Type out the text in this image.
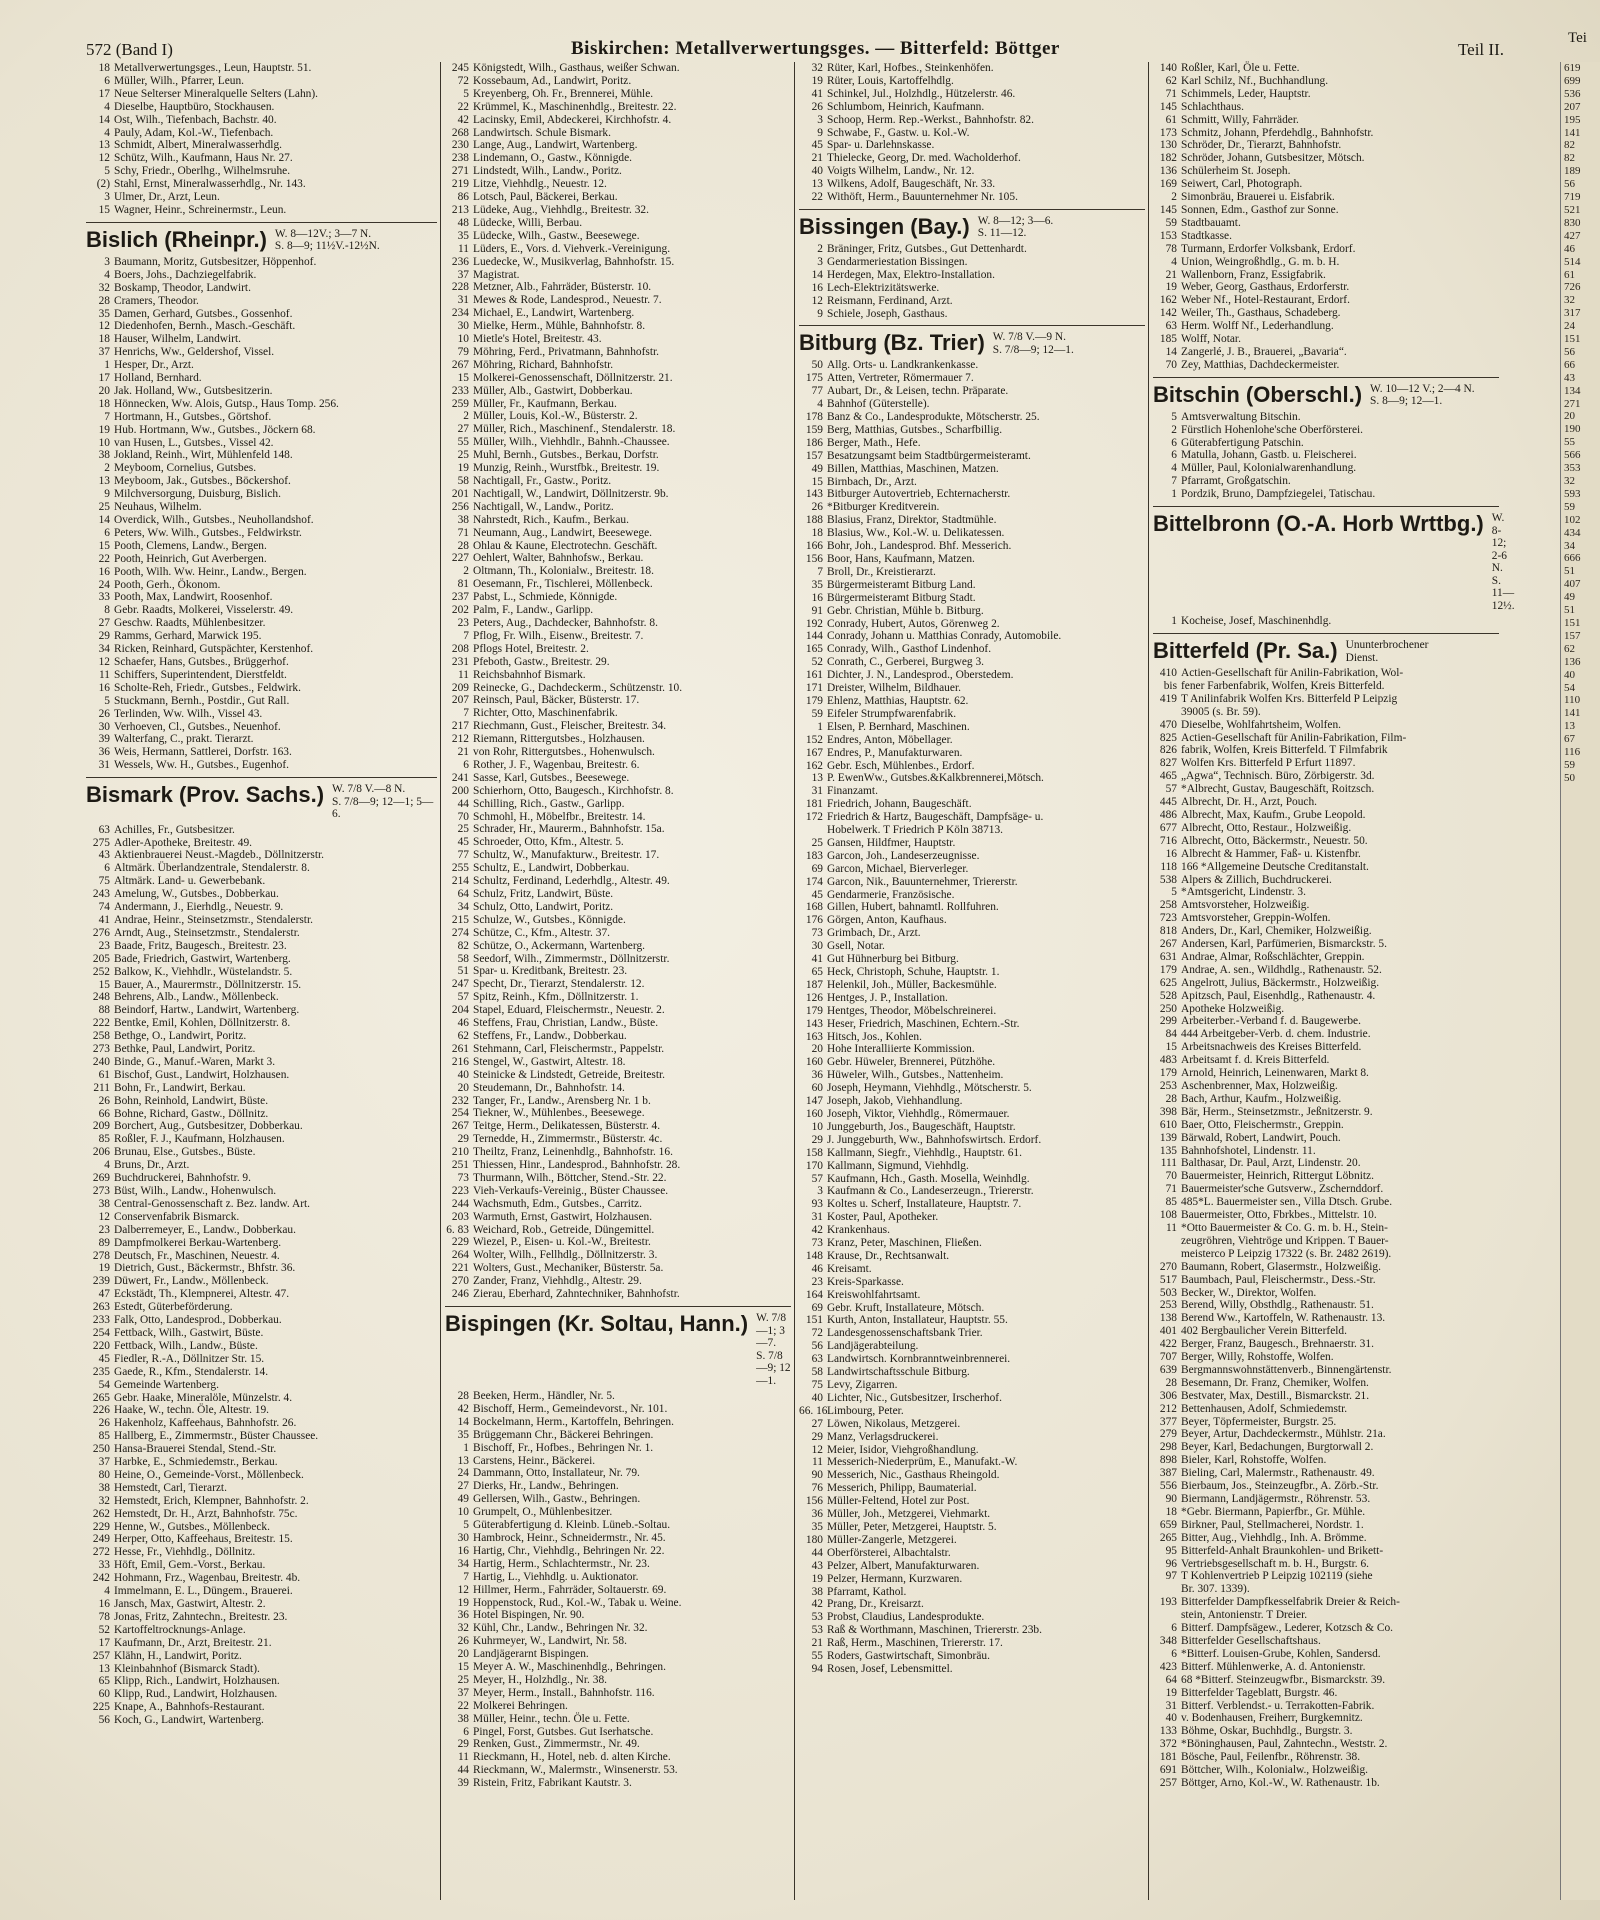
572 (Band I)	Biskirchen: Metallverwertungsges. — Bitterfeld: Böttger	Teil II.
18 Metallverwertungsges., Leun, Hauptstr. 51.
6 Müller, Wilh., Pfarrer, Leun.
17 Neue Selterser Mineralquelle Selters (Lahn).
4 Dieselbe, Hauptbüro, Stockhausen.
14 Ost, Wilh., Tiefenbach, Bachstr. 40.
4 Pauly, Adam, Kol.-W., Tiefenbach.
13 Schmidt, Albert, Mineralwasserhdlg.
12 Schütz, Wilh., Kaufmann, Haus Nr. 27.
5 Schy, Friedr., Oberlhg., Wilhelmsruhe.
(2) Stahl, Ernst, Mineralwasserhdlg., Nr. 143.
3 Ulmer, Dr., Arzt, Leun.
15 Wagner, Heinr., Schreinermstr., Leun.
Bislich (Rheinpr.) W. 8—12V.; 3—7 N.
S. 8—9; 11½V.-12½N.
3 Baumann, Moritz, Gutsbesitzer, Höppenhof.
4 Boers, Johs., Dachziegelfabrik.
32 Boskamp, Theodor, Landwirt.
28 Cramers, Theodor.
35 Damen, Gerhard, Gutsbes., Gossenhof.
12 Diedenhofen, Bernh., Masch.-Geschäft.
18 Hauser, Wilhelm, Landwirt.
37 Henrichs, Ww., Geldershof, Vissel.
1 Hesper, Dr., Arzt.
17 Holland, Bernhard.
20 Jak. Holland, Ww., Gutsbesitzerin.
18 Hönnecken, Ww. Alois, Gutsp., Haus Tomp. 256.
7 Hortmann, H., Gutsbes., Görtshof.
19 Hub. Hortmann, Ww., Gutsbes., Jöckern 68.
10 van Husen, L., Gutsbes., Vissel 42.
38 Jokland, Reinh., Wirt, Mühlenfeld 148.
2 Meyboom, Cornelius, Gutsbes.
13 Meyboom, Jak., Gutsbes., Böckershof.
9 Milchversorgung, Duisburg, Bislich.
25 Neuhaus, Wilhelm.
14 Overdick, Wilh., Gutsbes., Neuhollandshof.
6 Peters, Ww. Wilh., Gutsbes., Feldwirkstr.
15 Pooth, Clemens, Landw., Bergen.
22 Pooth, Heinrich, Gut Averbergen.
16 Pooth, Wilh. Ww. Heinr., Landw., Bergen.
24 Pooth, Gerh., Ökonom.
33 Pooth, Max, Landwirt, Roosenhof.
8 Gebr. Raadts, Molkerei, Visselerstr. 49.
27 Geschw. Raadts, Mühlenbesitzer.
29 Ramms, Gerhard, Marwick 195.
34 Ricken, Reinhard, Gutspächter, Kerstenhof.
12 Schaefer, Hans, Gutsbes., Brüggerhof.
11 Schiffers, Superintendent, Dierstfeldt.
16 Scholte-Reh, Friedr., Gutsbes., Feldwirk.
5 Stuckmann, Bernh., Postdir., Gut Rall.
26 Terlinden, Ww. Wilh., Vissel 43.
30 Verhoeven, Cl., Gutsbes., Neuenhof.
39 Walterfang, C., prakt. Tierarzt.
36 Weis, Hermann, Sattlerei, Dorfstr. 163.
31 Wessels, Ww. H., Gutsbes., Eugenhof.
Bismark (Prov. Sachs.) W. 7/8 V.—8 N.
S. 7/8—9; 12—1; 5—6.
63 Achilles, Fr., Gutsbesitzer.
275 Adler-Apotheke, Breitestr. 49.
43 Aktienbrauerei Neust.-Magdeb., Döllnitzerstr.
6 Altmärk. Überlandzentrale, Stendalerstr. 8.
75 Altmärk. Land- u. Gewerbebank.
243 Amelung, W., Gutsbes., Dobberkau.
74 Andermann, J., Eierhdlg., Neuestr. 9.
41 Andrae, Heinr., Steinsetzmstr., Stendalerstr.
276 Arndt, Aug., Steinsetzmstr., Stendalerstr.
23 Baade, Fritz, Baugesch., Breitestr. 23.
205 Bade, Friedrich, Gastwirt, Wartenberg.
252 Balkow, K., Viehhdlr., Wüstelandstr. 5.
15 Bauer, A., Maurermstr., Döllnitzerstr. 15.
248 Behrens, Alb., Landw., Möllenbeck.
88 Beindorf, Hartw., Landwirt, Wartenberg.
222 Bentke, Emil, Kohlen, Döllnitzerstr. 8.
258 Bethge, O., Landwirt, Poritz.
273 Bethke, Paul, Landwirt, Poritz.
240 Binde, G., Manuf.-Waren, Markt 3.
61 Bischof, Gust., Landwirt, Holzhausen.
211 Bohn, Fr., Landwirt, Berkau.
26 Bohn, Reinhold, Landwirt, Büste.
66 Bohne, Richard, Gastw., Döllnitz.
209 Borchert, Aug., Gutsbesitzer, Dobberkau.
85 Roßler, F. J., Kaufmann, Holzhausen.
206 Brunau, Else., Gutsbes., Büste.
4 Bruns, Dr., Arzt.
269 Buchdruckerei, Bahnhofstr. 9.
273 Büst, Wilh., Landw., Hohenwulsch.
38 Central-Genossenschaft z. Bez. landw. Art.
12 Conservenfabrik Bismarck.
23 Dalberremeyer, E., Landw., Dobberkau.
89 Dampfmolkerei Berkau-Wartenberg.
278 Deutsch, Fr., Maschinen, Neuestr. 4.
19 Dietrich, Gust., Bäckermstr., Bhfstr. 36.
239 Düwert, Fr., Landw., Möllenbeck.
47 Eckstädt, Th., Klempnerei, Altestr. 47.
263 Estedt, Güterbeförderung.
233 Falk, Otto, Landesprod., Dobberkau.
254 Fettback, Wilh., Gastwirt, Büste.
220 Fettback, Wilh., Landw., Büste.
45 Fiedler, R.-A., Döllnitzer Str. 15.
235 Gaede, R., Kfm., Stendalerstr. 14.
54 Gemeinde Wartenberg.
265 Gebr. Haake, Mineralöle, Münzelstr. 4.
226 Haake, W., techn. Öle, Altestr. 19.
26 Hakenholz, Kaffeehaus, Bahnhofstr. 26.
85 Hallberg, E., Zimmermstr., Büster Chaussee.
250 Hansa-Brauerei Stendal, Stend.-Str.
37 Harbke, E., Schmiedemstr., Berkau.
80 Heine, O., Gemeinde-Vorst., Möllenbeck.
38 Hemstedt, Carl, Tierarzt.
32 Hemstedt, Erich, Klempner, Bahnhofstr. 2.
262 Hemstedt, Dr. H., Arzt, Bahnhofstr. 75c.
229 Henne, W., Gutsbes., Möllenbeck.
249 Herper, Otto, Kaffeehaus, Breitestr. 15.
272 Hesse, Fr., Viehhdlg., Döllnitz.
33 Höft, Emil, Gem.-Vorst., Berkau.
242 Hohmann, Frz., Wagenbau, Breitestr. 4b.
4 Immelmann, E. L., Düngem., Brauerei.
16 Jansch, Max, Gastwirt, Altestr. 2.
78 Jonas, Fritz, Zahntechn., Breitestr. 23.
52 Kartoffeltrocknungs-Anlage.
17 Kaufmann, Dr., Arzt, Breitestr. 21.
257 Klähn, H., Landwirt, Poritz.
13 Kleinbahnhof (Bismarck Stadt).
65 Klipp, Rich., Landwirt, Holzhausen.
60 Klipp, Rud., Landwirt, Holzhausen.
225 Knape, A., Bahnhofs-Restaurant.
56 Koch, G., Landwirt, Wartenberg.
245 Königstedt, Wilh., Gasthaus, weißer Schwan.
72 Kossebaum, Ad., Landwirt, Poritz.
5 Kreyenberg, Oh. Fr., Brennerei, Mühle.
22 Krümmel, K., Maschinenhdlg., Breitestr. 22.
42 Lacinsky, Emil, Abdeckerei, Kirchhofstr. 4.
268 Landwirtsch. Schule Bismark.
230 Lange, Aug., Landwirt, Wartenberg.
238 Lindemann, O., Gastw., Könnigde.
271 Lindstedt, Wilh., Landw., Poritz.
219 Litze, Viehhdlg., Neuestr. 12.
86 Lotsch, Paul, Bäckerei, Berkau.
213 Lüdeke, Aug., Viehhdlg., Breitestr. 32.
48 Lüdecke, Willi, Berbau.
35 Lüdecke, Wilh., Gastw., Beesewege.
11 Lüders, E., Vors. d. Viehverk.-Vereinigung.
236 Luedecke, W., Musikverlag, Bahnhofstr. 15.
37 Magistrat.
228 Metzner, Alb., Fahrräder, Büsterstr. 10.
31 Mewes & Rode, Landesprod., Neuestr. 7.
234 Michael, E., Landwirt, Wartenberg.
30 Mielke, Herm., Mühle, Bahnhofstr. 8.
10 Mietle's Hotel, Breitestr. 43.
79 Möhring, Ferd., Privatmann, Bahnhofstr.
267 Möhring, Richard, Bahnhofstr.
15 Molkerei-Genossenschaft, Döllnitzerstr. 21.
233 Müller, Alb., Gastwirt, Dobberkau.
259 Müller, Fr., Kaufmann, Berkau.
2 Müller, Louis, Kol.-W., Büsterstr. 2.
27 Müller, Rich., Maschinenf., Stendalerstr. 18.
55 Müller, Wilh., Viehhdlr., Bahnh.-Chaussee.
25 Muhl, Bernh., Gutsbes., Berkau, Dorfstr.
19 Munzig, Reinh., Wurstfbk., Breitestr. 19.
58 Nachtigall, Fr., Gastw., Poritz.
201 Nachtigall, W., Landwirt, Döllnitzerstr. 9b.
256 Nachtigall, W., Landw., Poritz.
38 Nahrstedt, Rich., Kaufm., Berkau.
71 Neumann, Aug., Landwirt, Beesewege.
28 Ohlau & Kaune, Electrotechn. Geschäft.
227 Oehlert, Walter, Bahnhofsw., Berkau.
2 Oltmann, Th., Kolonialw., Breitestr. 18.
81 Oesemann, Fr., Tischlerei, Möllenbeck.
237 Pabst, L., Schmiede, Könnigde.
202 Palm, F., Landw., Garlipp.
23 Peters, Aug., Dachdecker, Bahnhofstr. 8.
7 Pflog, Fr. Wilh., Eisenw., Breitestr. 7.
208 Pflogs Hotel, Breitestr. 2.
231 Pfeboth, Gastw., Breitestr. 29.
11 Reichsbahnhof Bismark.
209 Reinecke, G., Dachdeckerm., Schützenstr. 10.
207 Reinsch, Paul, Bäcker, Büsterstr. 17.
7 Richter, Otto, Maschinenfabrik.
217 Riechmann, Gust., Fleischer, Breitestr. 34.
212 Riemann, Rittergutsbes., Holzhausen.
21 von Rohr, Rittergutsbes., Hohenwulsch.
6 Rother, J. F., Wagenbau, Breitestr. 6.
241 Sasse, Karl, Gutsbes., Beesewege.
200 Schierhorn, Otto, Baugesch., Kirchhofstr. 8.
44 Schilling, Rich., Gastw., Garlipp.
70 Schmohl, H., Möbelfbr., Breitestr. 14.
25 Schrader, Hr., Maurerm., Bahnhofstr. 15a.
45 Schroeder, Otto, Kfm., Altestr. 5.
77 Schultz, W., Manufakturw., Breitestr. 17.
255 Schultz, E., Landwirt, Dobberkau.
214 Schultz, Ferdinand, Lederhdlg., Altestr. 49.
64 Schulz, Fritz, Landwirt, Büste.
34 Schulz, Otto, Landwirt, Poritz.
215 Schulze, W., Gutsbes., Könnigde.
274 Schütze, C., Kfm., Altestr. 37.
82 Schütze, O., Ackermann, Wartenberg.
58 Seedorf, Wilh., Zimmermstr., Döllnitzerstr.
51 Spar- u. Kreditbank, Breitestr. 23.
247 Specht, Dr., Tierarzt, Stendalerstr. 12.
57 Spitz, Reinh., Kfm., Döllnitzerstr. 1.
204 Stapel, Eduard, Fleischermstr., Neuestr. 2.
46 Steffens, Frau, Christian, Landw., Büste.
62 Steffens, Fr., Landw., Dobberkau.
261 Stehmann, Carl, Fleischermstr., Pappelstr.
216 Stengel, W., Gastwirt, Altestr. 18.
40 Steinicke & Lindstedt, Getreide, Breitestr.
20 Steudemann, Dr., Bahnhofstr. 14.
232 Tanger, Fr., Landw., Arensberg Nr. 1 b.
254 Tiekner, W., Mühlenbes., Beesewege.
267 Teitge, Herm., Delikatessen, Büsterstr. 4.
29 Ternedde, H., Zimmermstr., Büsterstr. 4c.
210 Theiltz, Franz, Leinenhdlg., Bahnhofstr. 16.
251 Thiessen, Hinr., Landesprod., Bahnhofstr. 28.
73 Thurmann, Wilh., Böttcher, Stend.-Str. 22.
223 Vieh-Verkaufs-Vereinig., Büster Chaussee.
244 Wachsmuth, Edm., Gutsbes., Carritz.
203 Warmuth, Ernst, Gastwirt, Holzhausen.
6. 83 Weichard, Rob., Getreide, Düngemittel.
229 Wiezel, P., Eisen- u. Kol.-W., Breitestr.
264 Wolter, Wilh., Fellhdlg., Döllnitzerstr. 3.
221 Wolters, Gust., Mechaniker, Büsterstr. 5a.
270 Zander, Franz, Viehhdlg., Altestr. 29.
246 Zierau, Eberhard, Zahntechniker, Bahnhofstr.
Bispingen (Kr. Soltau, Hann.) W. 7/8—1; 3—7.
S. 7/8—9; 12—1.
28 Beeken, Herm., Händler, Nr. 5.
42 Bischoff, Herm., Gemeindevorst., Nr. 101.
14 Bockelmann, Herm., Kartoffeln, Behringen.
35 Brüggemann Chr., Bäckerei Behringen.
1 Bischoff, Fr., Hofbes., Behringen Nr. 1.
13 Carstens, Heinr., Bäckerei.
24 Dammann, Otto, Installateur, Nr. 79.
27 Dierks, Hr., Landw., Behringen.
49 Gellersen, Wilh., Gastw., Behringen.
10 Grumpelt, O., Mühlenbesitzer.
5 Güterabfertigung d. Kleinb. Lüneb.-Soltau.
30 Hambrock, Heinr., Schneidermstr., Nr. 45.
16 Hartig, Chr., Viehhdlg., Behringen Nr. 22.
34 Hartig, Herm., Schlachtermstr., Nr. 23.
7 Hartig, L., Viehhdlg. u. Auktionator.
12 Hillmer, Herm., Fahrräder, Soltauerstr. 69.
19 Hoppenstock, Rud., Kol.-W., Tabak u. Weine.
36 Hotel Bispingen, Nr. 90.
32 Kühl, Chr., Landw., Behringen Nr. 32.
26 Kuhrmeyer, W., Landwirt, Nr. 58.
20 Landjägerarnt Bispingen.
15 Meyer A. W., Maschinenhdlg., Behringen.
25 Meyer, H., Holzhdlg., Nr. 38.
37 Meyer, Herm., Install., Bahnhofstr. 116.
22 Molkerei Behringen.
38 Müller, Heinr., techn. Öle u. Fette.
6 Pingel, Forst, Gutsbes. Gut Iserhatsche.
29 Renken, Gust., Zimmermstr., Nr. 49.
11 Rieckmann, H., Hotel, neb. d. alten Kirche.
44 Rieckmann, W., Malermstr., Winsenerstr. 53.
39 Ristein, Fritz, Fabrikant Kautstr. 3.
32 Rüter, Karl, Hofbes., Steinkenhöfen.
19 Rüter, Louis, Kartoffelhdlg.
41 Schinkel, Jul., Holzhdlg., Hützelerstr. 46.
26 Schlumbom, Heinrich, Kaufmann.
3 Schoop, Herm. Rep.-Werkst., Bahnhofstr. 82.
9 Schwabe, F., Gastw. u. Kol.-W.
45 Spar- u. Darlehnskasse.
21 Thielecke, Georg, Dr. med. Wacholderhof.
40 Voigts Wilhelm, Landw., Nr. 12.
13 Wilkens, Adolf, Baugeschäft, Nr. 33.
22 Withöft, Herm., Bauunternehmer Nr. 105.
Bissingen (Bay.) W. 8—12; 3—6.
S. 11—12.
2 Bräninger, Fritz, Gutsbes., Gut Dettenhardt.
3 Gendarmeriestation Bissingen.
14 Herdegen, Max, Elektro-Installation.
16 Lech-Elektrizitätswerke.
12 Reismann, Ferdinand, Arzt.
9 Schiele, Joseph, Gasthaus.
Bitburg (Bz. Trier) W. 7/8 V.—9 N.
S. 7/8—9; 12—1.
50 Allg. Orts- u. Landkrankenkasse.
175 Atten, Vertreter, Römermauer 7.
77 Aubart, Dr., & Leisen, techn. Präparate.
4 Bahnhof (Güterstelle).
178 Banz & Co., Landesprodukte, Mötscherstr. 25.
159 Berg, Matthias, Gutsbes., Scharfbillig.
186 Berger, Math., Hefe.
157 Besatzungsamt beim Stadtbürgermeisteramt.
49 Billen, Matthias, Maschinen, Matzen.
15 Birnbach, Dr., Arzt.
143 Bitburger Autovertrieb, Echternacherstr.
26 *Bitburger Kreditverein.
188 Blasius, Franz, Direktor, Stadtmühle.
18 Blasius, Ww., Kol.-W. u. Delikatessen.
166 Bohr, Joh., Landesprod. Bhf. Messerich.
156 Boor, Hans, Kaufmann, Matzen.
7 Broll, Dr., Kreistierarzt.
35 Bürgermeisteramt Bitburg Land.
16 Bürgermeisteramt Bitburg Stadt.
91 Gebr. Christian, Mühle b. Bitburg.
192 Conrady, Hubert, Autos, Görenweg 2.
144 Conrady, Johann u. Matthias Conrady, Automobile.
165 Conrady, Wilh., Gasthof Lindenhof.
52 Conrath, C., Gerberei, Burgweg 3.
161 Dichter, J. N., Landesprod., Oberstedem.
171 Dreister, Wilhelm, Bildhauer.
179 Ehlenz, Matthias, Hauptstr. 62.
59 Eifeler Strumpfwarenfabrik.
1 Elsen, P. Bernhard, Maschinen.
152 Endres, Anton, Möbellager.
167 Endres, P., Manufakturwaren.
162 Gebr. Esch, Mühlenbes., Erdorf.
13 P. EwenWw., Gutsbes.&Kalkbrennerei,Mötsch.
31 Finanzamt.
181 Friedrich, Johann, Baugeschäft.
172 Friedrich & Hartz, Baugeschäft, Dampfsäge- u.
Hobelwerk. T Friedrich P Köln 38713.
25 Gansen, Hildfmer, Hauptstr.
183 Garcon, Joh., Landeserzeugnisse.
69 Garcon, Michael, Bierverleger.
174 Garcon, Nik., Bauunternehmer, Triererstr.
45 Gendarmerie, Französische.
168 Gillen, Hubert, bahnamtl. Rollfuhren.
176 Görgen, Anton, Kaufhaus.
73 Grimbach, Dr., Arzt.
30 Gsell, Notar.
41 Gut Hühnerburg bei Bitburg.
65 Heck, Christoph, Schuhe, Hauptstr. 1.
187 Helenkil, Joh., Müller, Backesmühle.
126 Hentges, J. P., Installation.
179 Hentges, Theodor, Möbelschreinerei.
143 Heser, Friedrich, Maschinen, Echtern.-Str.
163 Hitsch, Jos., Kohlen.
20 Hohe Interalliierte Kommission.
160 Gebr. Hüweler, Brennerei, Pützhöhe.
36 Hüweler, Wilh., Gutsbes., Nattenheim.
60 Joseph, Heymann, Viehhdlg., Mötscherstr. 5.
147 Joseph, Jakob, Viehhandlung.
160 Joseph, Viktor, Viehhdlg., Römermauer.
10 Junggeburth, Jos., Baugeschäft, Hauptstr.
29 J. Junggeburth, Ww., Bahnhofswirtsch. Erdorf.
158 Kallmann, Siegfr., Viehhdlg., Hauptstr. 61.
170 Kallmann, Sigmund, Viehhdlg.
57 Kaufmann, Hch., Gasth. Mosella, Weinhdlg.
3 Kaufmann & Co., Landeserzeugn., Triererstr.
93 Koltes u. Scherf, Installateure, Hauptstr. 7.
31 Koster, Paul, Apotheker.
42 Krankenhaus.
73 Kranz, Peter, Maschinen, Fließen.
148 Krause, Dr., Rechtsanwalt.
46 Kreisamt.
23 Kreis-Sparkasse.
164 Kreiswohlfahrtsamt.
69 Gebr. Kruft, Installateure, Mötsch.
151 Kurth, Anton, Installateur, Hauptstr. 55.
72 Landesgenossenschaftsbank Trier.
56 Landjägerabteilung.
63 Landwirtsch. Kornbranntweinbrennerei.
58 Landwirtschaftsschule Bitburg.
75 Levy, Zigarren.
40 Lichter, Nic., Gutsbesitzer, Irscherhof.
66. 16 Limbourg, Peter.
27 Löwen, Nikolaus, Metzgerei.
29 Manz, Verlagsdruckerei.
12 Meier, Isidor, Viehgroßhandlung.
11 Messerich-Niederprüm, E., Manufakt.-W.
90 Messerich, Nic., Gasthaus Rheingold.
76 Messerich, Philipp, Baumaterial.
156 Müller-Feltend, Hotel zur Post.
36 Müller, Joh., Metzgerei, Viehmarkt.
35 Müller, Peter, Metzgerei, Hauptstr. 5.
180 Müller-Zangerle, Metzgerei.
44 Oberförsterei, Albachtalstr.
43 Pelzer, Albert, Manufakturwaren.
19 Pelzer, Hermann, Kurzwaren.
38 Pfarramt, Kathol.
42 Prang, Dr., Kreisarzt.
53 Probst, Claudius, Landesprodukte.
53 Raß & Worthmann, Maschinen, Triererstr. 23b.
21 Raß, Herm., Maschinen, Triererstr. 17.
55 Roders, Gastwirtschaft, Simonbräu.
94 Rosen, Josef, Lebensmittel.
140 Roßler, Karl, Öle u. Fette.
62 Karl Schilz, Nf., Buchhandlung.
71 Schimmels, Leder, Hauptstr.
145 Schlachthaus.
61 Schmitt, Willy, Fahrräder.
173 Schmitz, Johann, Pferdehdlg., Bahnhofstr.
130 Schröder, Dr., Tierarzt, Bahnhofstr.
182 Schröder, Johann, Gutsbesitzer, Mötsch.
136 Schülerheim St. Joseph.
169 Seiwert, Carl, Photograph.
2 Simonbräu, Brauerei u. Eisfabrik.
145 Sonnen, Edm., Gasthof zur Sonne.
59 Stadtbauamt.
153 Stadtkasse.
78 Turmann, Erdorfer Volksbank, Erdorf.
4 Union, Weingroßhdlg., G. m. b. H.
21 Wallenborn, Franz, Essigfabrik.
19 Weber, Georg, Gasthaus, Erdorferstr.
162 Weber Nf., Hotel-Restaurant, Erdorf.
142 Weiler, Th., Gasthaus, Schadeberg.
63 Herm. Wolff Nf., Lederhandlung.
185 Wolff, Notar.
14 Zangerlé, J. B., Brauerei, „Bavaria“.
70 Zey, Matthias, Dachdeckermeister.
Bitschin (Oberschl.) W. 10—12 V.; 2—4 N.
S. 8—9; 12—1.
5 Amtsverwaltung Bitschin.
2 Fürstlich Hohenlohe'sche Oberförsterei.
6 Güterabfertigung Patschin.
6 Matulla, Johann, Gastb. u. Fleischerei.
4 Müller, Paul, Kolonialwarenhandlung.
7 Pfarramt, Großgatschin.
1 Pordzik, Bruno, Dampfziegelei, Tatischau.
Bittelbronn (O.-A. Horb Wrttbg.) W. 8-12; 2-6 N.
S. 11—12½.
1 Kocheise, Josef, Maschinenhdlg.
Bitterfeld (Pr. Sa.) Ununterbrochener
Dienst.
410 Actien-Gesellschaft für Anilin-Fabrikation, Wol-
bis fener Farbenfabrik, Wolfen, Kreis Bitterfeld.
419 T Anilinfabrik Wolfen Krs. Bitterfeld P Leipzig
39005 (s. Br. 59).
470 Dieselbe, Wohlfahrtsheim, Wolfen.
825 Actien-Gesellschaft für Anilin-Fabrikation, Film-
826 fabrik, Wolfen, Kreis Bitterfeld. T Filmfabrik
827 Wolfen Krs. Bitterfeld P Erfurt 11897.
465 „Agwa“, Technisch. Büro, Zörbigerstr. 3d.
57 *Albrecht, Gustav, Baugeschäft, Roitzsch.
445 Albrecht, Dr. H., Arzt, Pouch.
486 Albrecht, Max, Kaufm., Grube Leopold.
677 Albrecht, Otto, Restaur., Holzweißig.
716 Albrecht, Otto, Bäckermstr., Neuestr. 50.
16 Albrecht & Hammer, Faß- u. Kistenfbr.
118 166 *Allgemeine Deutsche Creditanstalt.
538 Alpers & Zillich, Buchdruckerei.
5 *Amtsgericht, Lindenstr. 3.
258 Amtsvorsteher, Holzweißig.
723 Amtsvorsteher, Greppin-Wolfen.
818 Anders, Dr., Karl, Chemiker, Holzweißig.
267 Andersen, Karl, Parfümerien, Bismarckstr. 5.
631 Andrae, Almar, Roßschlächter, Greppin.
179 Andrae, A. sen., Wildhdlg., Rathenaustr. 52.
625 Angelrott, Julius, Bäckermstr., Holzweißig.
528 Apitzsch, Paul, Eisenhdlg., Rathenaustr. 4.
250 Apotheke Holzweißig.
299 Arbeiterber.-Verband f. d. Baugewerbe.
84 444 Arbeitgeber-Verb. d. chem. Industrie.
15 Arbeitsnachweis des Kreises Bitterfeld.
483 Arbeitsamt f. d. Kreis Bitterfeld.
179 Arnold, Heinrich, Leinenwaren, Markt 8.
253 Aschenbrenner, Max, Holzweißig.
28 Bach, Arthur, Kaufm., Holzweißig.
398 Bär, Herm., Steinsetzmstr., Jeßnitzerstr. 9.
610 Baer, Otto, Fleischermstr., Greppin.
139 Bärwald, Robert, Landwirt, Pouch.
135 Bahnhofshotel, Lindenstr. 11.
111 Balthasar, Dr. Paul, Arzt, Lindenstr. 20.
70 Bauermeister, Heinrich, Rittergut Löbnitz.
71 Bauermeister'sche Gutsverw., Zschernddorf.
85 485*L. Bauermeister sen., Villa Dtsch. Grube.
108 Bauermeister, Otto, Fbrkbes., Mittelstr. 10.
11 *Otto Bauermeister & Co. G. m. b. H., Stein-
zeugröhren, Viehtröge und Krippen. T Bauer-
meisterco P Leipzig 17322 (s. Br. 2482 2619).
270 Baumann, Robert, Glasermstr., Holzweißig.
517 Baumbach, Paul, Fleischermstr., Dess.-Str.
503 Becker, W., Direktor, Wolfen.
253 Berend, Willy, Obsthdlg., Rathenaustr. 51.
138 Berend Ww., Kartoffeln, W. Rathenaustr. 13.
401 402 Bergbaulicher Verein Bitterfeld.
422 Berger, Franz, Baugesch., Brehnaerstr. 31.
707 Berger, Willy, Rohstoffe, Wolfen.
639 Bergmannswohnstättenverb., Binnengärtenstr.
28 Besemann, Dr. Franz, Chemiker, Wolfen.
306 Bestvater, Max, Destill., Bismarckstr. 21.
212 Bettenhausen, Adolf, Schmiedemstr.
377 Beyer, Töpfermeister, Burgstr. 25.
279 Beyer, Artur, Dachdeckermstr., Mühlstr. 21a.
298 Beyer, Karl, Bedachungen, Burgtorwall 2.
898 Bieler, Karl, Rohstoffe, Wolfen.
387 Bieling, Carl, Malermstr., Rathenaustr. 49.
556 Bierbaum, Jos., Steinzeugfbr., A. Zörb.-Str.
90 Biermann, Landjägermstr., Röhrenstr. 53.
18 *Gebr. Biermann, Papierfbr., Gr. Mühle.
659 Birkner, Paul, Stellmacherei, Nordstr. 1.
265 Bitter, Aug., Viehhdlg., Inh. A. Brömme.
95 Bitterfeld-Anhalt Braunkohlen- und Brikett-
96 Vertriebsgesellschaft m. b. H., Burgstr. 6.
97 T Kohlenvertrieb P Leipzig 102119 (siehe
Br. 307. 1339).
193 Bitterfelder Dampfkesselfabrik Dreier & Reich-
stein, Antonienstr. T Dreier.
6 Bitterf. Dampfsägew., Lederer, Kotzsch & Co.
348 Bitterfelder Gesellschaftshaus.
6 *Bitterf. Louisen-Grube, Kohlen, Sandersd.
423 Bitterf. Mühlenwerke, A. d. Antonienstr.
64 68 *Bitterf. Steinzeugwfbr., Bismarckstr. 39.
19 Bitterfelder Tageblatt, Burgstr. 46.
31 Bitterf. Verblendst.- u. Terrakotten-Fabrik.
40 v. Bodenhausen, Freiherr, Burgkemnitz.
133 Böhme, Oskar, Buchhdlg., Burgstr. 3.
372 *Böninghausen, Paul, Zahntechn., Weststr. 2.
181 Bösche, Paul, Feilenfbr., Röhrenstr. 38.
691 Böttcher, Wilh., Kolonialw., Holzweißig.
257 Böttger, Arno, Kol.-W., W. Rathenaustr. 1b.
Tei
619
699
536
207
195
141
82
82
189
56
719
521
830
427
46
514
61
726
32
317
24
151
56
66
43
134
271
20
190
55
566
353
32
593
59
102
434
34
666
51
407
49
51
151
157
62
136
40
54
110
141
13
67
116
59
50
